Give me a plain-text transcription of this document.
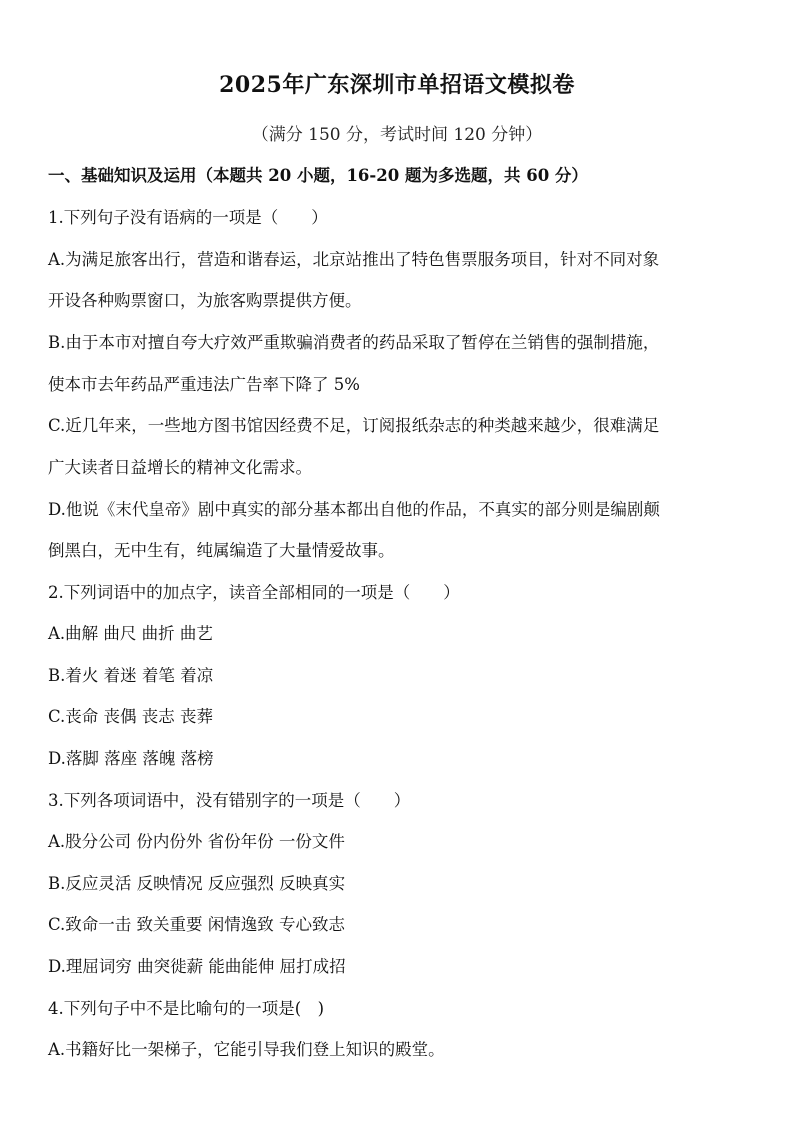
2025年广东深圳市单招语文模拟卷
（满分 150 分，考试时间 120 分钟）
一、基础知识及运用（本题共 20 小题，16-20 题为多选题，共 60 分）
1.下列句子没有语病的一项是（　　）
A.为满足旅客出行，营造和谐春运，北京站推出了特色售票服务项目，针对不同对象
开设各种购票窗口，为旅客购票提供方便。
B.由于本市对擅自夸大疗效严重欺骗消费者的药品采取了暂停在兰销售的强制措施，
使本市去年药品严重违法广告率下降了 5%
C.近几年来，一些地方图书馆因经费不足，订阅报纸杂志的种类越来越少，很难满足
广大读者日益增长的精神文化需求。
D.他说《末代皇帝》剧中真实的部分基本都出自他的作品，不真实的部分则是编剧颠
倒黑白，无中生有，纯属编造了大量情爱故事。
2.下列词语中的加点字，读音全部相同的一项是（　　）
A.曲解 曲尺 曲折 曲艺
B.着火 着迷 着笔 着凉
C.丧命 丧偶 丧志 丧葬
D.落脚 落座 落魄 落榜
3.下列各项词语中，没有错别字的一项是（　　）
A.股分公司 份内份外 省份年份 一份文件
B.反应灵活 反映情况 反应强烈 反映真实
C.致命一击 致关重要 闲情逸致 专心致志
D.理屈词穷 曲突徙薪 能曲能伸 屈打成招
4.下列句子中不是比喻句的一项是(　)
A.书籍好比一架梯子，它能引导我们登上知识的殿堂。
